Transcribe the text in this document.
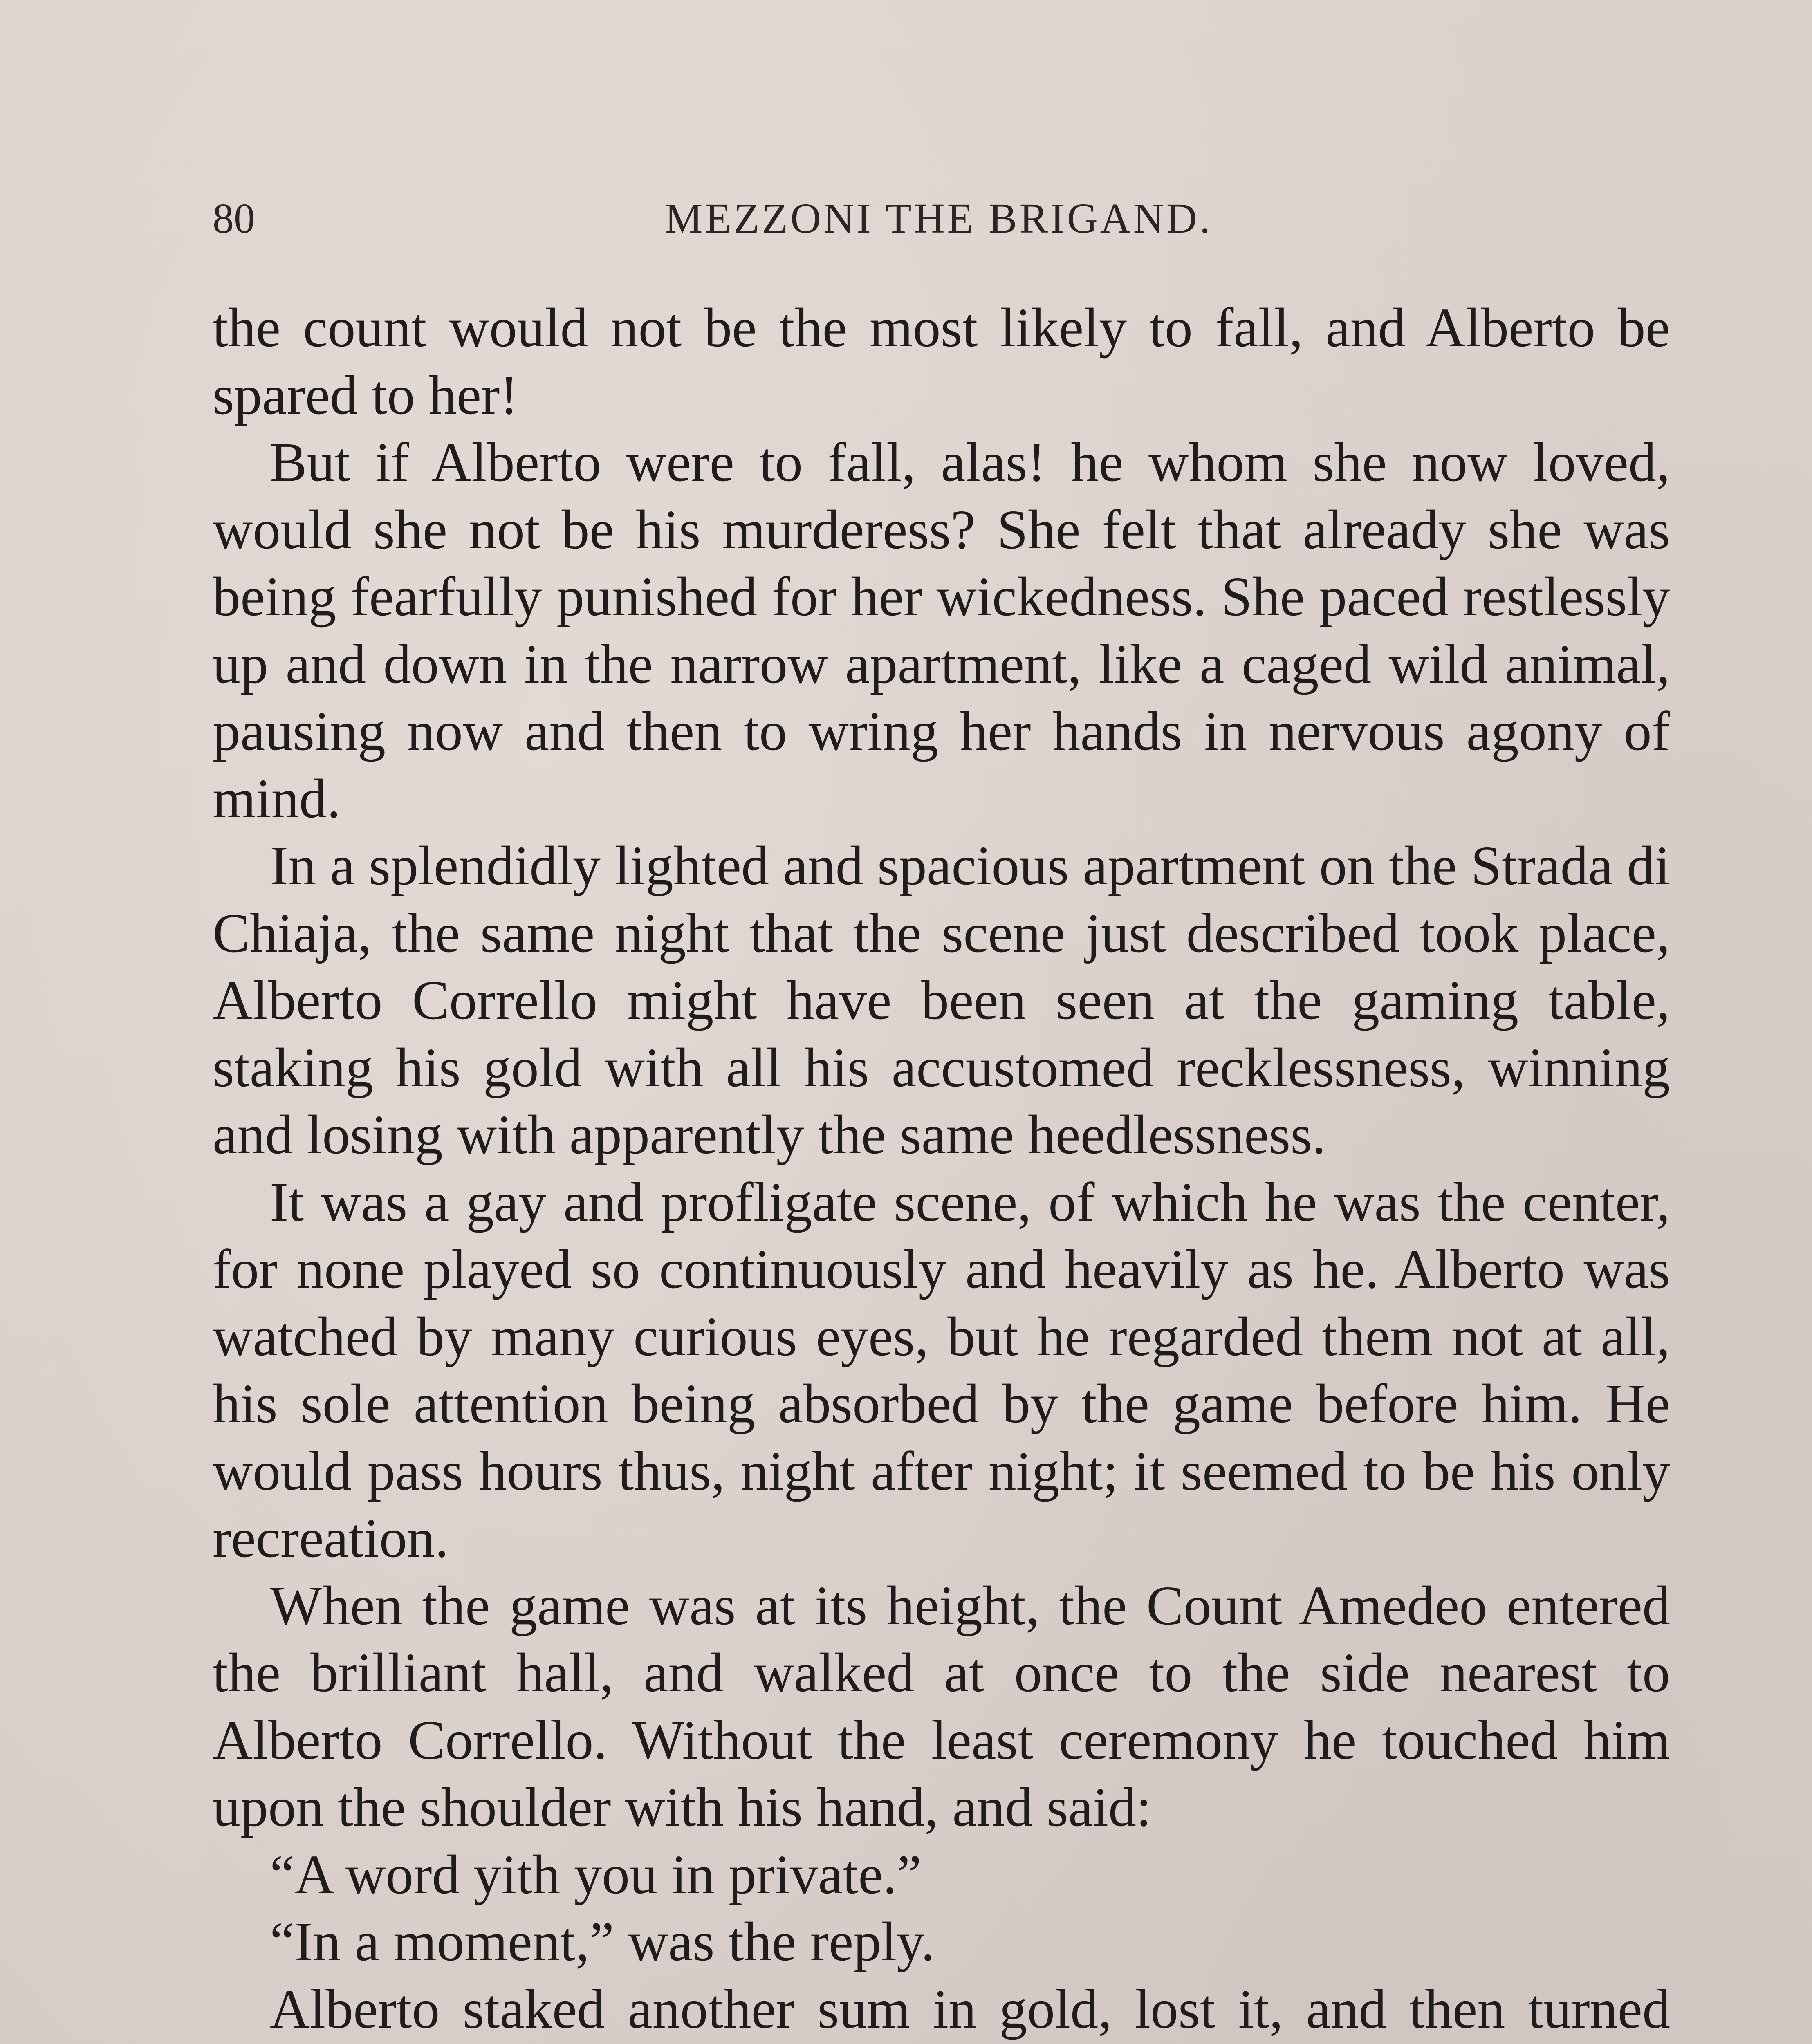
80	MEZZONI THE BRIGAND.

the count would not be the most likely to fall, and Alberto be spared to her!

But if Alberto were to fall, alas! he whom she now loved, would she not be his murderess? She felt that already she was being fearfully punished for her wickedness. She paced restlessly up and down in the narrow apartment, like a caged wild animal, pausing now and then to wring her hands in nervous agony of mind.

In a splendidly lighted and spacious apartment on the Strada di Chiaja, the same night that the scene just described took place, Alberto Corrello might have been seen at the gaming table, staking his gold with all his accustomed recklessness, winning and losing with apparently the same heedlessness.

It was a gay and profligate scene, of which he was the center, for none played so continuously and heavily as he. Alberto was watched by many curious eyes, but he regarded them not at all, his sole attention being absorbed by the game before him. He would pass hours thus, night after night; it seemed to be his only recreation.

When the game was at its height, the Count Amedeo entered the brilliant hall, and walked at once to the side nearest to Alberto Corrello. Without the least ceremony he touched him upon the shoulder with his hand, and said:

“A word yith you in private.”

“In a moment,” was the reply.

Alberto staked another sum in gold, lost it, and then turned
